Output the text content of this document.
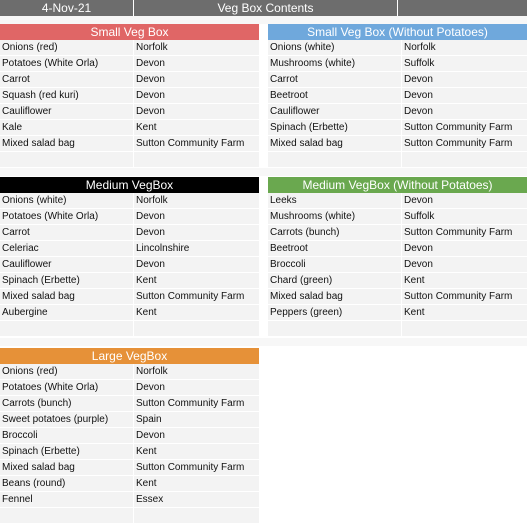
4-Nov-21	Veg Box Contents
Small Veg Box
Onions (red)	Norfolk
Potatoes (White Orla)	Devon
Carrot	Devon
Squash (red kuri)	Devon
Cauliflower	Devon
Kale	Kent
Mixed salad bag	Sutton Community Farm
Small Veg Box (Without Potatoes)
Onions (white)	Norfolk
Mushrooms (white)	Suffolk
Carrot	Devon
Beetroot	Devon
Cauliflower	Devon
Spinach (Erbette)	Sutton Community Farm
Mixed salad bag	Sutton Community Farm
Medium VegBox
Onions (white)	Norfolk
Potatoes (White Orla)	Devon
Carrot	Devon
Celeriac	Lincolnshire
Cauliflower	Devon
Spinach (Erbette)	Kent
Mixed salad bag	Sutton Community Farm
Aubergine	Kent
Medium VegBox (Without Potatoes)
Leeks	Devon
Mushrooms (white)	Suffolk
Carrots (bunch)	Sutton Community Farm
Beetroot	Devon
Broccoli	Devon
Chard (green)	Kent
Mixed salad bag	Sutton Community Farm
Peppers (green)	Kent
Large VegBox
Onions (red)	Norfolk
Potatoes (White Orla)	Devon
Carrots (bunch)	Sutton Community Farm
Sweet potatoes (purple)	Spain
Broccoli	Devon
Spinach (Erbette)	Kent
Mixed salad bag	Sutton Community Farm
Beans (round)	Kent
Fennel	Essex
